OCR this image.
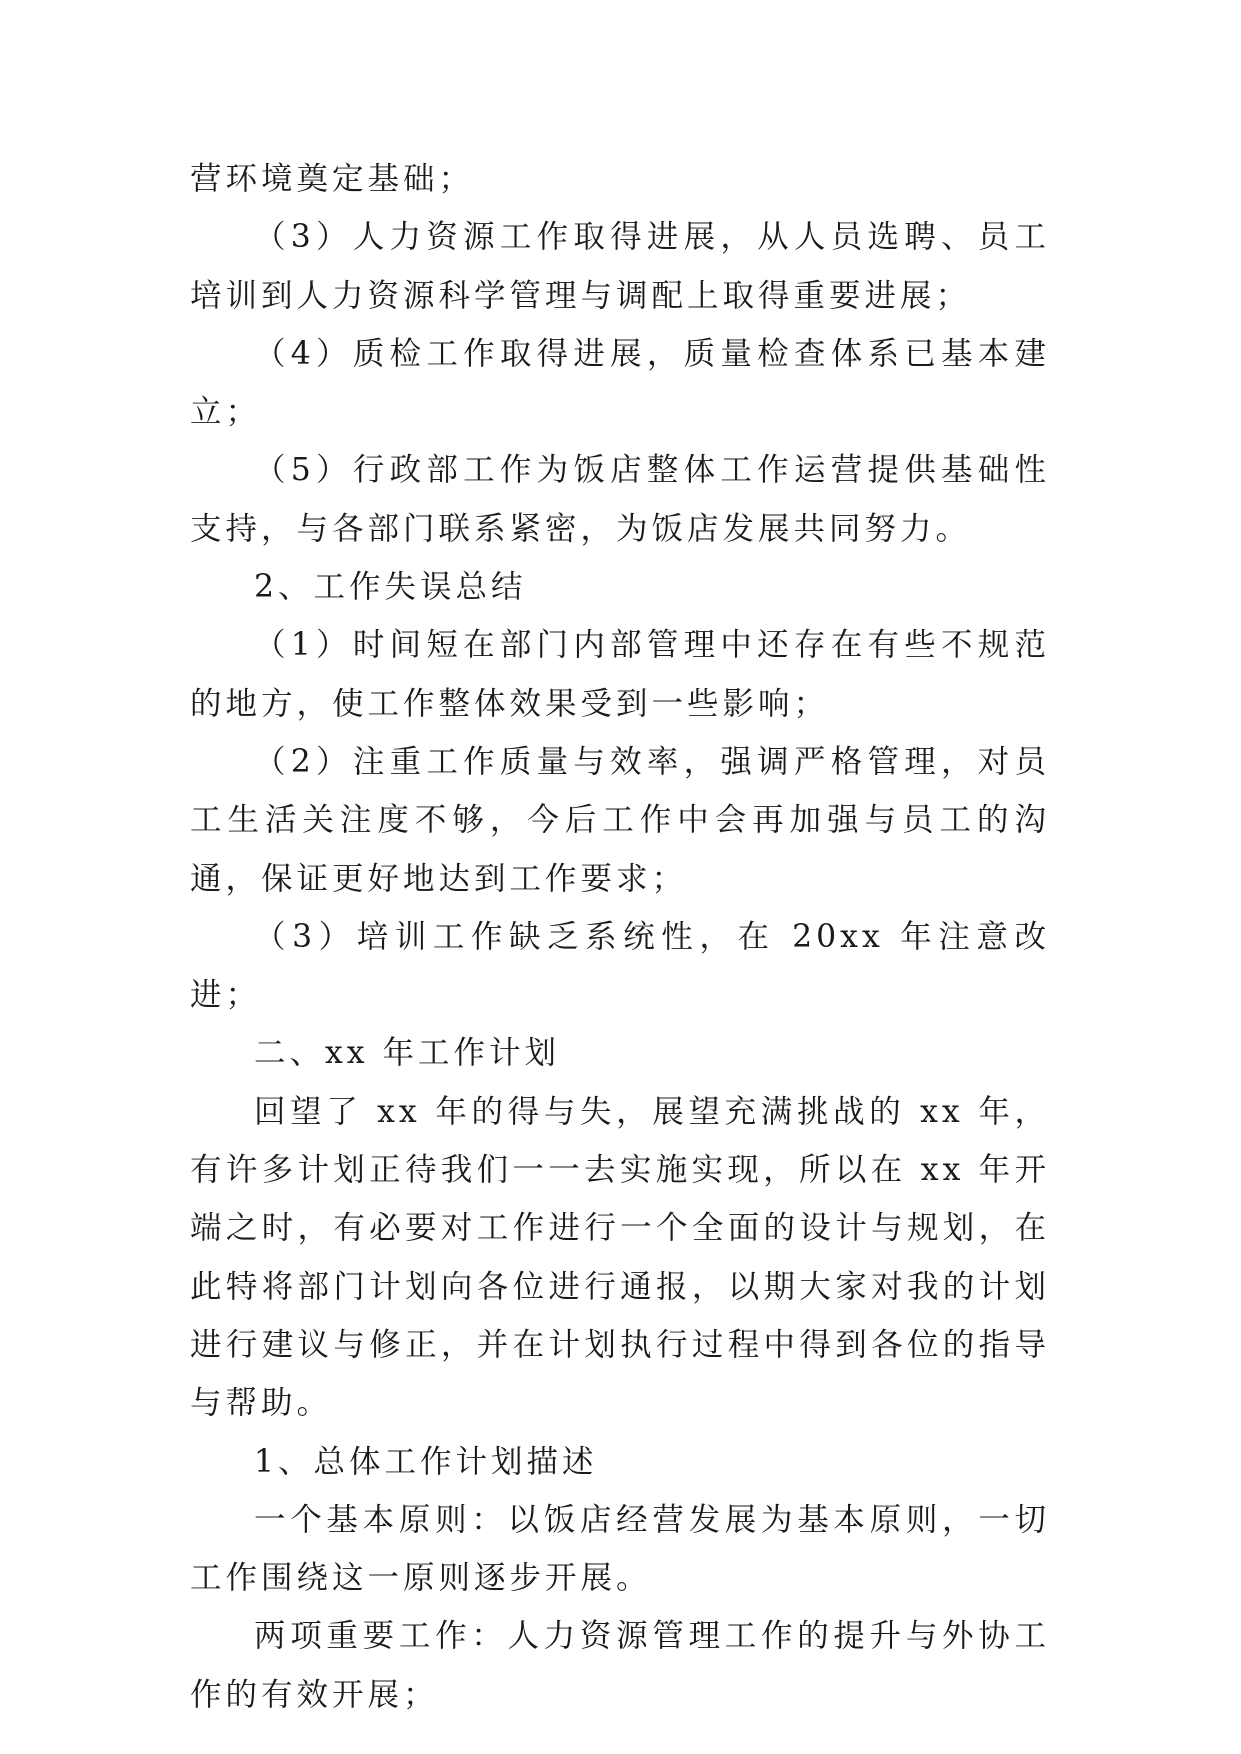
营环境奠定基础；

（3）人力资源工作取得进展，从人员选聘、员工培训到人力资源科学管理与调配上取得重要进展；

（4）质检工作取得进展，质量检查体系已基本建立；

（5）行政部工作为饭店整体工作运营提供基础性支持，与各部门联系紧密，为饭店发展共同努力。

2、工作失误总结

（1）时间短在部门内部管理中还存在有些不规范的地方，使工作整体效果受到一些影响；

（2）注重工作质量与效率，强调严格管理，对员工生活关注度不够，今后工作中会再加强与员工的沟通，保证更好地达到工作要求；

（3）培训工作缺乏系统性，在 20xx 年注意改进；

二、xx 年工作计划

回望了 xx 年的得与失，展望充满挑战的 xx 年，有许多计划正待我们一一去实施实现，所以在 xx 年开端之时，有必要对工作进行一个全面的设计与规划，在此特将部门计划向各位进行通报，以期大家对我的计划进行建议与修正，并在计划执行过程中得到各位的指导与帮助。

1、总体工作计划描述

一个基本原则：以饭店经营发展为基本原则，一切工作围绕这一原则逐步开展。

两项重要工作：人力资源管理工作的提升与外协工作的有效开展；
